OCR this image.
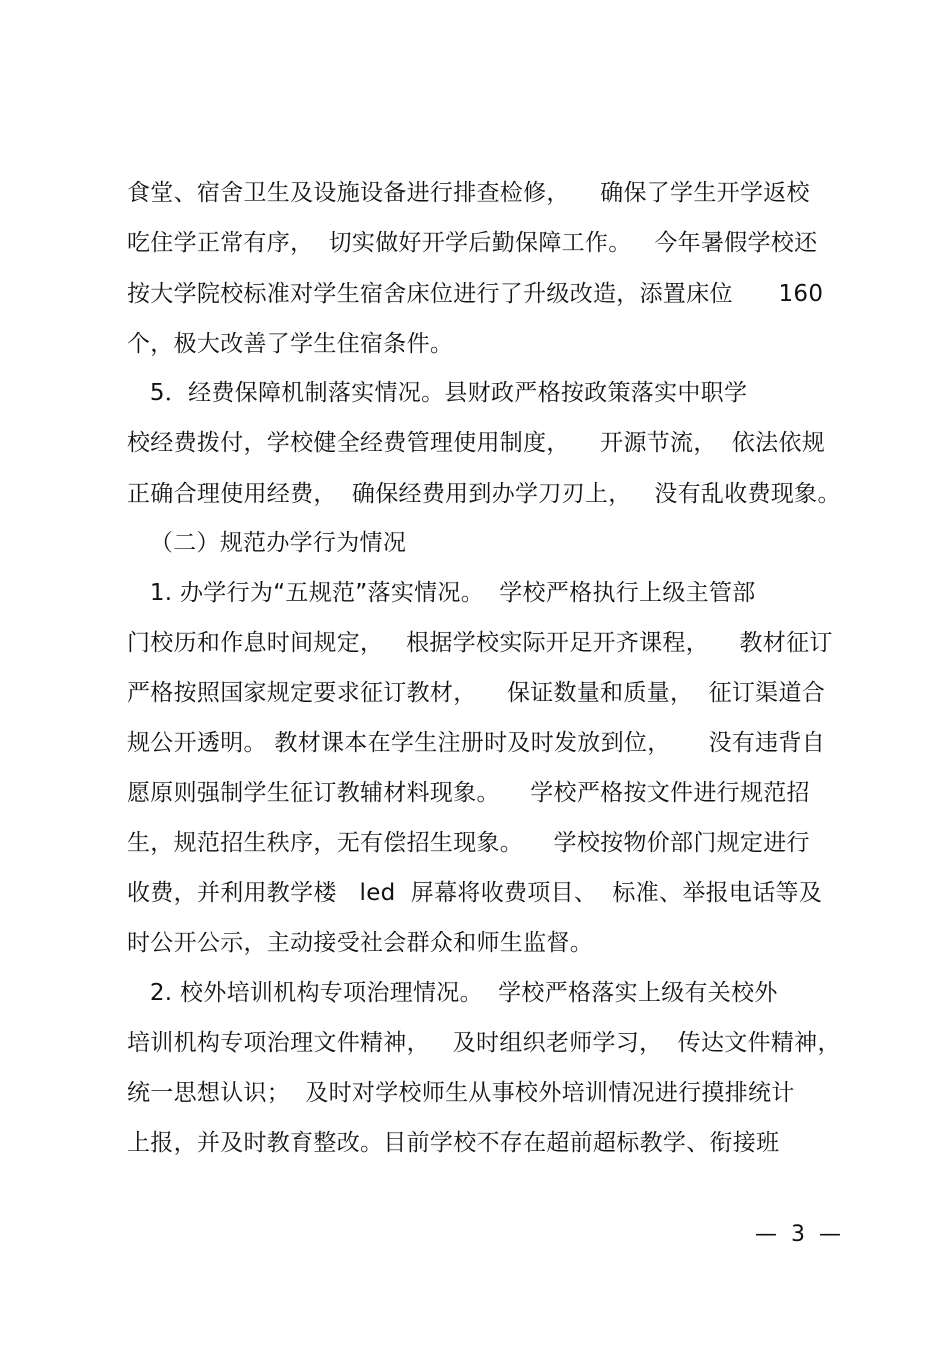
食堂、宿舍卫生及设施设备进行排查检修，    确保了学生开学返校
吃住学正常有序，  切实做好开学后勤保障工作。   今年暑假学校还
按大学院校标准对学生宿舍床位进行了升级改造，添置床位      160
个，极大改善了学生住宿条件。
5．经费保障机制落实情况。县财政严格按政策落实中职学
校经费拨付，学校健全经费管理使用制度，    开源节流，  依法依规
正确合理使用经费，  确保经费用到办学刀刃上，   没有乱收费现象。
（二）规范办学行为情况
1. 办学行为“五规范”落实情况。  学校严格执行上级主管部
门校历和作息时间规定，   根据学校实际开足开齐课程，    教材征订
严格按照国家规定要求征订教材，    保证数量和质量，  征订渠道合
规公开透明。 教材课本在学生注册时及时发放到位，     没有违背自
愿原则强制学生征订教辅材料现象。    学校严格按文件进行规范招
生，规范招生秩序，无有偿招生现象。    学校按物价部门规定进行
收费，并利用教学楼   led  屏幕将收费项目、  标准、举报电话等及
时公开公示，主动接受社会群众和师生监督。
2. 校外培训机构专项治理情况。  学校严格落实上级有关校外
培训机构专项治理文件精神，   及时组织老师学习，  传达文件精神，
统一思想认识；  及时对学校师生从事校外培训情况进行摸排统计
上报，并及时教育整改。目前学校不存在超前超标教学、衔接班
—  3  —
